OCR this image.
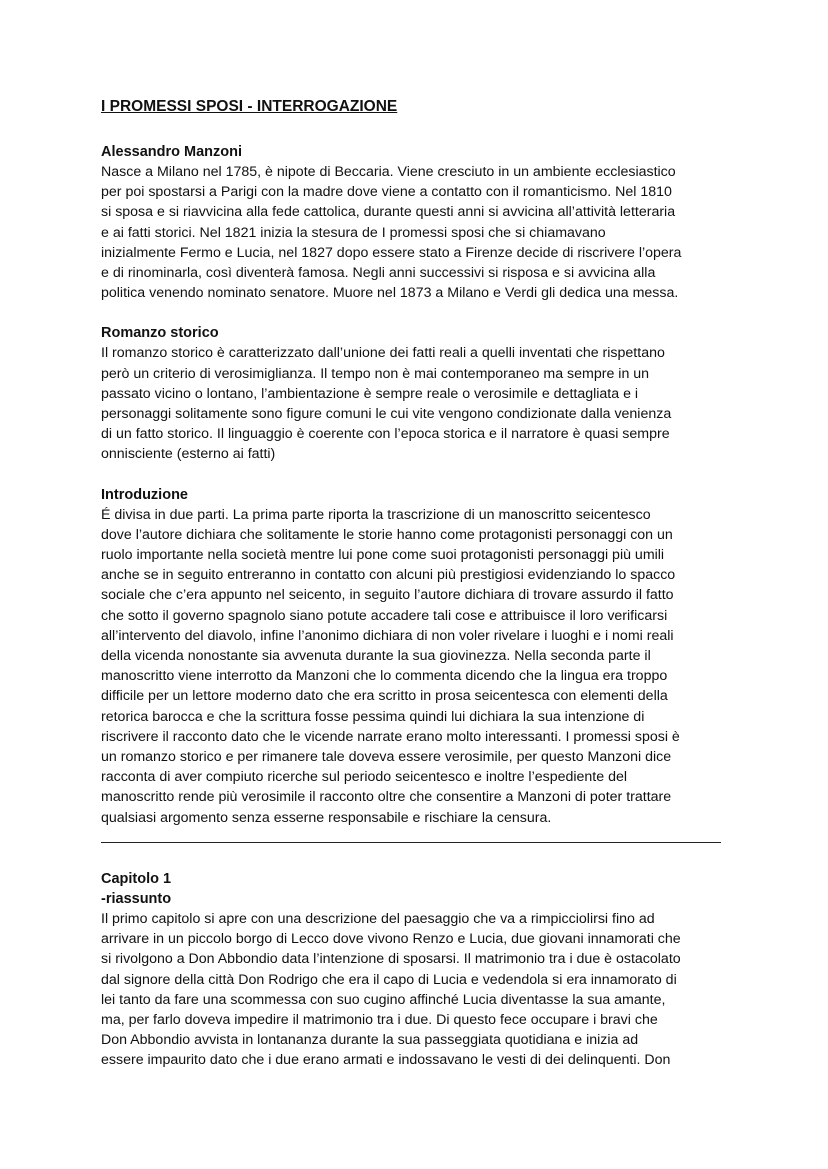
I PROMESSI SPOSI - INTERROGAZIONE
Alessandro Manzoni

Nasce a Milano nel 1785, è nipote di Beccaria. Viene cresciuto in un ambiente ecclesiastico
per poi spostarsi a Parigi con la madre dove viene a contatto con il romanticismo. Nel 1810
si sposa e si riavvicina alla fede cattolica, durante questi anni si avvicina all’attività letteraria
e ai fatti storici. Nel 1821 inizia la stesura de I promessi sposi che si chiamavano
inizialmente Fermo e Lucia, nel 1827 dopo essere stato a Firenze decide di riscrivere l’opera
e di rinominarla, così diventerà famosa. Negli anni successivi si risposa e si avvicina alla
politica venendo nominato senatore. Muore nel 1873 a Milano e Verdi gli dedica una messa.

Romanzo storico

Il romanzo storico è caratterizzato dall’unione dei fatti reali a quelli inventati che rispettano
però un criterio di verosimiglianza. Il tempo non è mai contemporaneo ma sempre in un
passato vicino o lontano, l’ambientazione è sempre reale o verosimile e dettagliata e i
personaggi solitamente sono figure comuni le cui vite vengono condizionate dalla venienza
di un fatto storico. Il linguaggio è coerente con l’epoca storica e il narratore è quasi sempre
onnisciente (esterno ai fatti)

Introduzione

É divisa in due parti. La prima parte riporta la trascrizione di un manoscritto seicentesco
dove l’autore dichiara che solitamente le storie hanno come protagonisti personaggi con un
ruolo importante nella società mentre lui pone come suoi protagonisti personaggi più umili
anche se in seguito entreranno in contatto con alcuni più prestigiosi evidenziando lo spacco
sociale che c’era appunto nel seicento, in seguito l’autore dichiara di trovare assurdo il fatto
che sotto il governo spagnolo siano potute accadere tali cose e attribuisce il loro verificarsi
all’intervento del diavolo, infine l’anonimo dichiara di non voler rivelare i luoghi e i nomi reali
della vicenda nonostante sia avvenuta durante la sua giovinezza. Nella seconda parte il
manoscritto viene interrotto da Manzoni che lo commenta dicendo che la lingua era troppo
difficile per un lettore moderno dato che era scritto in prosa seicentesca con elementi della
retorica barocca e che la scrittura fosse pessima quindi lui dichiara la sua intenzione di
riscrivere il racconto dato che le vicende narrate erano molto interessanti. I promessi sposi è
un romanzo storico e per rimanere tale doveva essere verosimile, per questo Manzoni dice
racconta di aver compiuto ricerche sul periodo seicentesco e inoltre l’espediente del
manoscritto rende più verosimile il racconto oltre che consentire a Manzoni di poter trattare
qualsiasi argomento senza esserne responsabile e rischiare la censura.

Capitolo 1
-riassunto

Il primo capitolo si apre con una descrizione del paesaggio che va a rimpicciolirsi fino ad
arrivare in un piccolo borgo di Lecco dove vivono Renzo e Lucia, due giovani innamorati che
si rivolgono a Don Abbondio data l’intenzione di sposarsi. Il matrimonio tra i due è ostacolato
dal signore della città Don Rodrigo che era il capo di Lucia e vedendola si era innamorato di
lei tanto da fare una scommessa con suo cugino affinché Lucia diventasse la sua amante,
ma, per farlo doveva impedire il matrimonio tra i due. Di questo fece occupare i bravi che
Don Abbondio avvista in lontananza durante la sua passeggiata quotidiana e inizia ad
essere impaurito dato che i due erano armati e indossavano le vesti di dei delinquenti. Don
